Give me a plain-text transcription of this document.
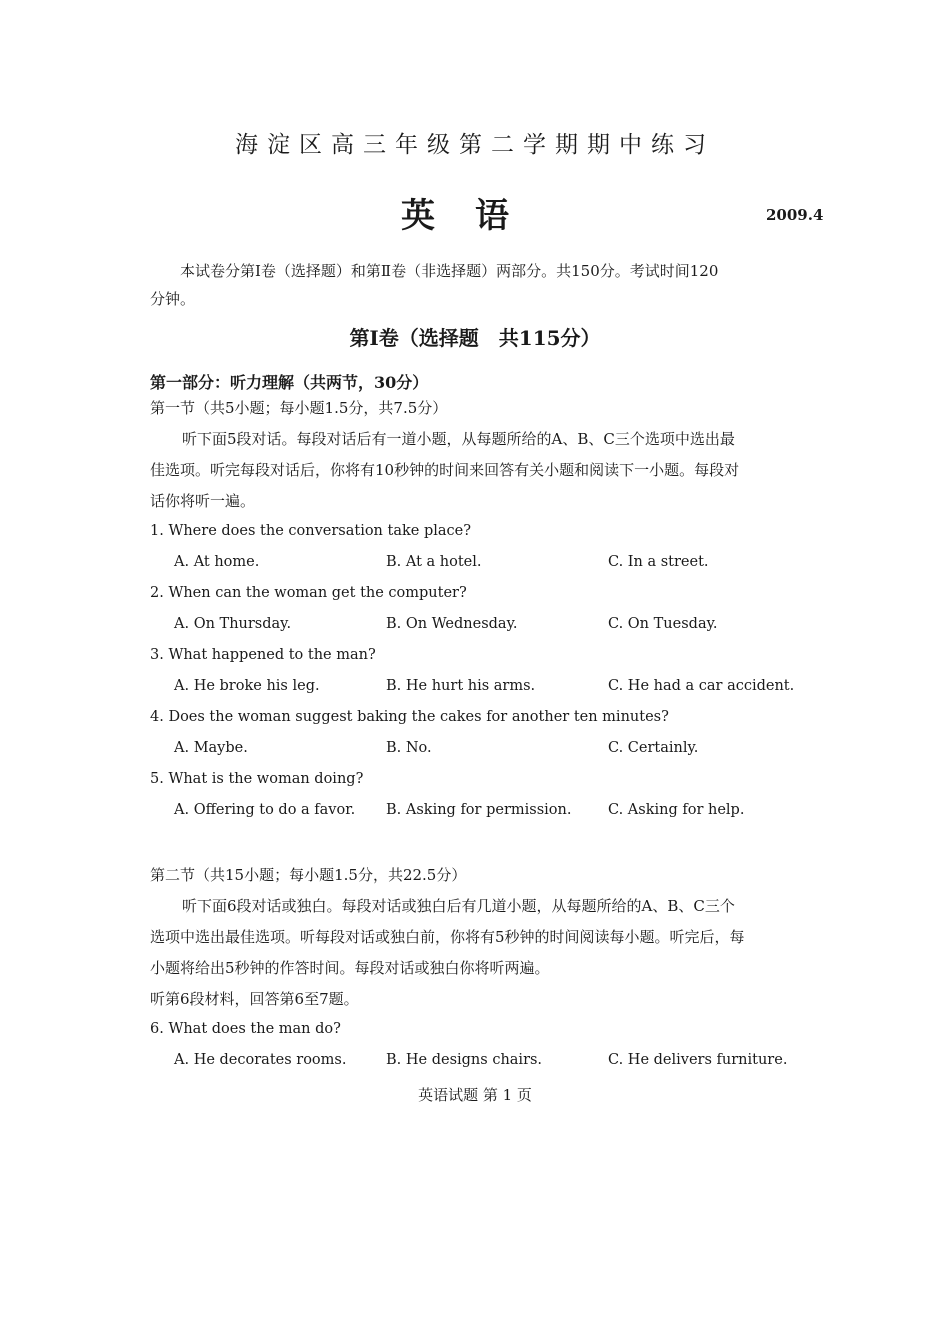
海淀区高三年级第二学期期中练习
英语	2009.4
本试卷分第Ⅰ卷（选择题）和第Ⅱ卷（非选择题）两部分。共150分。考试时间120
分钟。
第Ⅰ卷（选择题　共115分）
第一部分：听力理解（共两节，30分）
第一节（共5小题；每小题1.5分，共7.5分）
听下面5段对话。每段对话后有一道小题，从每题所给的A、B、C三个选项中选出最
佳选项。听完每段对话后，你将有10秒钟的时间来回答有关小题和阅读下一小题。每段对
话你将听一遍。
1. Where does the conversation take place?
A. At home.	B. At a hotel.	C. In a street.
2. When can the woman get the computer?
A. On Thursday.	B. On Wednesday.	C. On Tuesday.
3. What happened to the man?
A. He broke his leg.	B. He hurt his arms.	C. He had a car accident.
4. Does the woman suggest baking the cakes for another ten minutes?
A. Maybe.	B. No.	C. Certainly.
5. What is the woman doing?
A. Offering to do a favor. B. Asking for permission.	C. Asking for help.
第二节（共15小题；每小题1.5分，共22.5分）
听下面6段对话或独白。每段对话或独白后有几道小题，从每题所给的A、B、C三个
选项中选出最佳选项。听每段对话或独白前，你将有5秒钟的时间阅读每小题。听完后，每
小题将给出5秒钟的作答时间。每段对话或独白你将听两遍。
听第6段材料，回答第6至7题。
6. What does the man do?
A. He decorates rooms.	B. He designs chairs.	C. He delivers furniture.
英语试题 第 1 页
